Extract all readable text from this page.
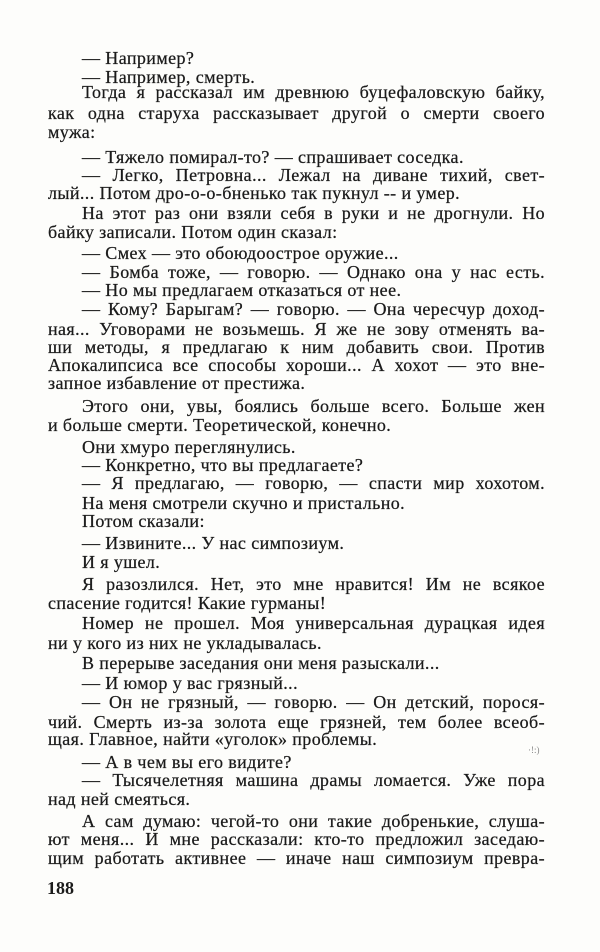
— Например?
— Например, смерть.
Тогда я рассказал им древнюю буцефаловскую байку,
как одна старуха рассказывает другой о смерти своего
мужа:
— Тяжело помирал-то? — спрашивает соседка.
— Легко, Петровна... Лежал на диване тихий, свет-
лый... Потом дро-о-о-бненько так пукнул -- и умер.
На этот раз они взяли себя в руки и не дрогнули. Но
байку записали. Потом один сказал:
— Смех — это обоюдоострое оружие...
— Бомба тоже, — говорю. — Однако она у нас есть.
— Но мы предлагаем отказаться от нее.
— Кому? Барыгам? — говорю. — Она чересчур доход-
ная... Уговорами не возьмешь. Я же не зову отменять ва-
ши методы, я предлагаю к ним добавить свои. Против
Апокалипсиса все способы хороши... А хохот — это вне-
запное избавление от престижа.
Этого они, увы, боялись больше всего. Больше жен
и больше смерти. Теоретической, конечно.
Они хмуро переглянулись.
— Конкретно, что вы предлагаете?
— Я предлагаю, — говорю, — спасти мир хохотом.
На меня смотрели скучно и пристально.
Потом сказали:
— Извините... У нас симпозиум.
И я ушел.
Я разозлился. Нет, это мне нравится! Им не всякое
спасение годится! Какие гурманы!
Номер не прошел. Моя универсальная дурацкая идея
ни у кого из них не укладывалась.
В перерыве заседания они меня разыскали...
— И юмор у вас грязный...
— Он не грязный, — говорю. — Он детский, порося-
чий. Смерть из-за золота еще грязней, тем более всеоб-
щая. Главное, найти «уголок» проблемы.
— А в чем вы его видите?
— Тысячелетняя машина драмы ломается. Уже пора
над ней смеяться.
А сам думаю: чегой-то они такие добренькие, слуша-
ют меня... И мне рассказали: кто-то предложил заседаю-
щим работать активнее — иначе наш симпозиум превра-
·!:)
188
